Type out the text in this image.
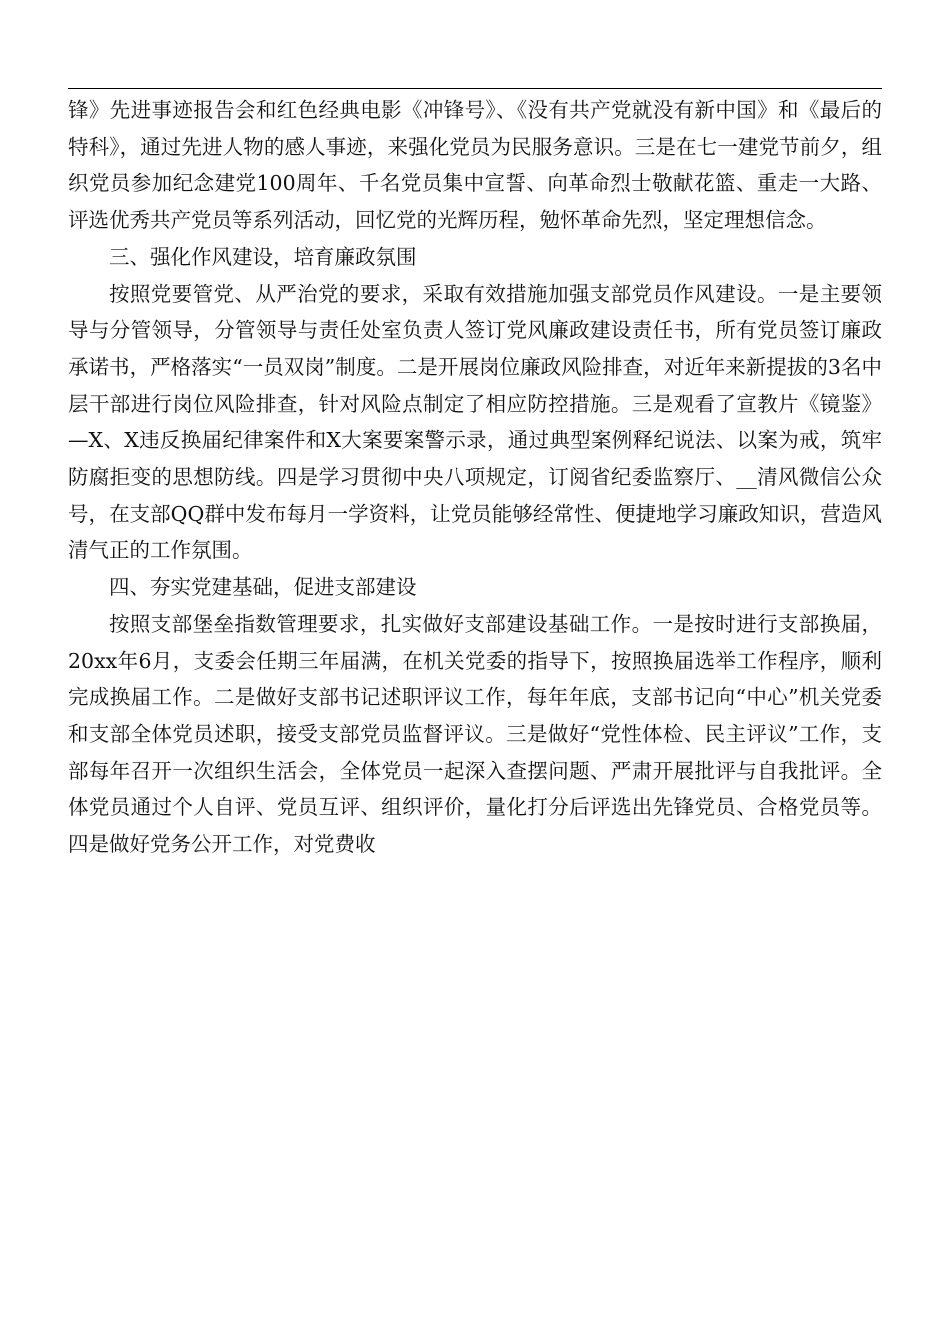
锋》先进事迹报告会和红色经典电影《冲锋号》、《没有共产党就没有新中国》和《最后的特科》，通过先进人物的感人事迹，来强化党员为民服务意识。三是在七一建党节前夕，组织党员参加纪念建党100周年、千名党员集中宣誓、向革命烈士敬献花篮、重走一大路、评选优秀共产党员等系列活动，回忆党的光辉历程，勉怀革命先烈，坚定理想信念。

三、强化作风建设，培育廉政氛围

按照党要管党、从严治党的要求，采取有效措施加强支部党员作风建设。一是主要领导与分管领导，分管领导与责任处室负责人签订党风廉政建设责任书，所有党员签订廉政承诺书，严格落实“一员双岗”制度。二是开展岗位廉政风险排查，对近年来新提拔的3名中层干部进行岗位风险排查，针对风险点制定了相应防控措施。三是观看了宣教片《镜鉴》—X、X违反换届纪律案件和X大案要案警示录，通过典型案例释纪说法、以案为戒，筑牢防腐拒变的思想防线。四是学习贯彻中央八项规定，订阅省纪委监察厅、__清风微信公众号，在支部QQ群中发布每月一学资料，让党员能够经常性、便捷地学习廉政知识，营造风清气正的工作氛围。

四、夯实党建基础，促进支部建设

按照支部堡垒指数管理要求，扎实做好支部建设基础工作。一是按时进行支部换届，20xx年6月，支委会任期三年届满，在机关党委的指导下，按照换届选举工作程序，顺利完成换届工作。二是做好支部书记述职评议工作，每年年底，支部书记向“中心”机关党委和支部全体党员述职，接受支部党员监督评议。三是做好“党性体检、民主评议”工作，支部每年召开一次组织生活会，全体党员一起深入查摆问题、严肃开展批评与自我批评。全体党员通过个人自评、党员互评、组织评价，量化打分后评选出先锋党员、合格党员等。四是做好党务公开工作，对党费收
